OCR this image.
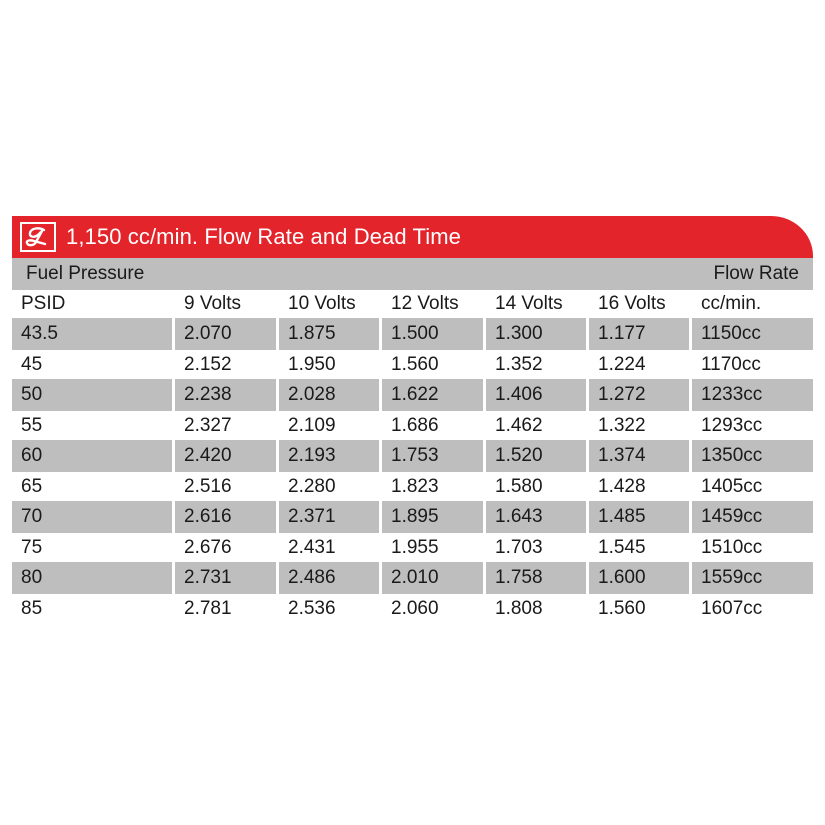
1,150 cc/min. Flow Rate and Dead Time
Fuel Pressure	Flow Rate
PSID	9 Volts	10 Volts	12 Volts	14 Volts	16 Volts	cc/min.
43.5	2.070	1.875	1.500	1.300	1.177	1150cc
45	2.152	1.950	1.560	1.352	1.224	1170cc
50	2.238	2.028	1.622	1.406	1.272	1233cc
55	2.327	2.109	1.686	1.462	1.322	1293cc
60	2.420	2.193	1.753	1.520	1.374	1350cc
65	2.516	2.280	1.823	1.580	1.428	1405cc
70	2.616	2.371	1.895	1.643	1.485	1459cc
75	2.676	2.431	1.955	1.703	1.545	1510cc
80	2.731	2.486	2.010	1.758	1.600	1559cc
85	2.781	2.536	2.060	1.808	1.560	1607cc
